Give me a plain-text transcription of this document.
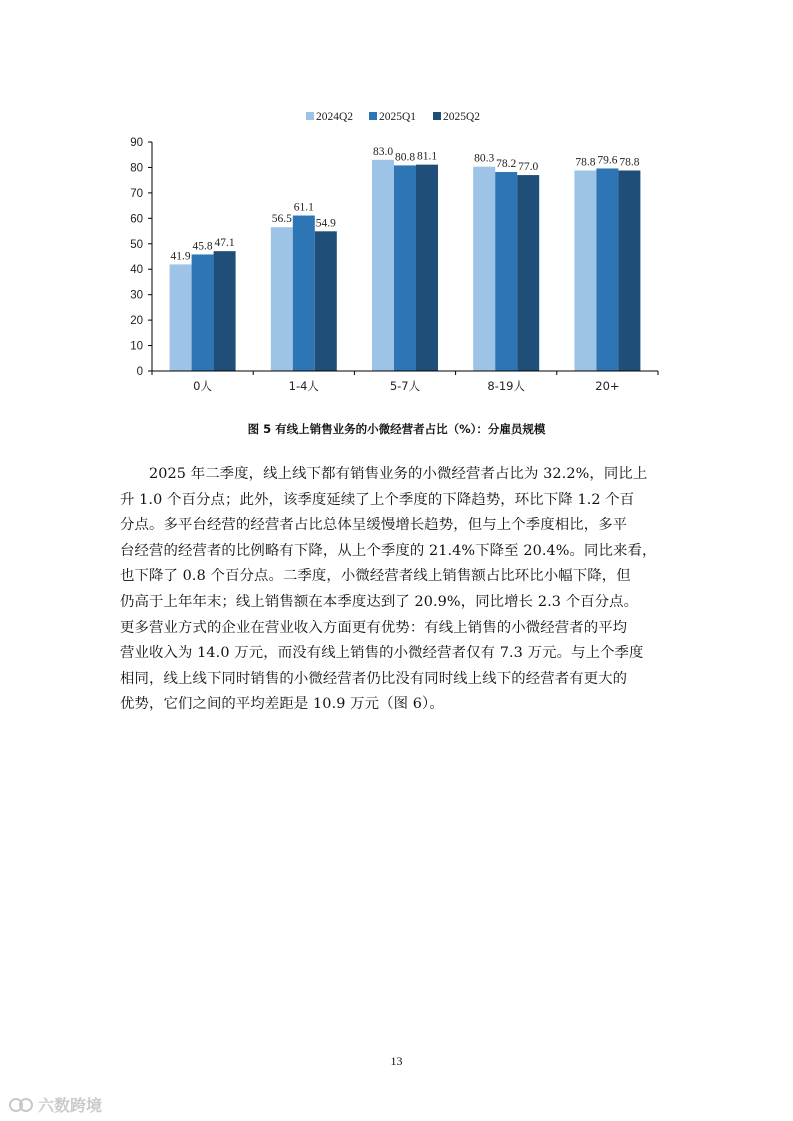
2024Q2 2025Q1 2025Q2
0
10
20
30
40
50
60
70
80
90
41.9
45.8 47.1
56.5
61.1
54.9
83.0 80.8 81.1	80.3 78.2 77.0	78.8 79.6 78.8
0人	1-4人	5-7人	8-19人	20+
图 5 有线上销售业务的小微经营者占比（%）：分雇员规模
2025 年二季度，线上线下都有销售业务的小微经营者占比为 32.2%，同比上
升 1.0 个百分点；此外，该季度延续了上个季度的下降趋势，环比下降 1.2 个百
分点。多平台经营的经营者占比总体呈缓慢增长趋势，但与上个季度相比，多平
台经营的经营者的比例略有下降，从上个季度的 21.4%下降至 20.4%。同比来看，
也下降了 0.8 个百分点。二季度，小微经营者线上销售额占比环比小幅下降，但
仍高于上年年末；线上销售额在本季度达到了 20.9%，同比增长 2.3 个百分点。
更多营业方式的企业在营业收入方面更有优势：有线上销售的小微经营者的平均
营业收入为 14.0 万元，而没有线上销售的小微经营者仅有 7.3 万元。与上个季度
相同，线上线下同时销售的小微经营者仍比没有同时线上线下的经营者有更大的
优势，它们之间的平均差距是 10.9 万元（图 6）。
13
六数跨境
